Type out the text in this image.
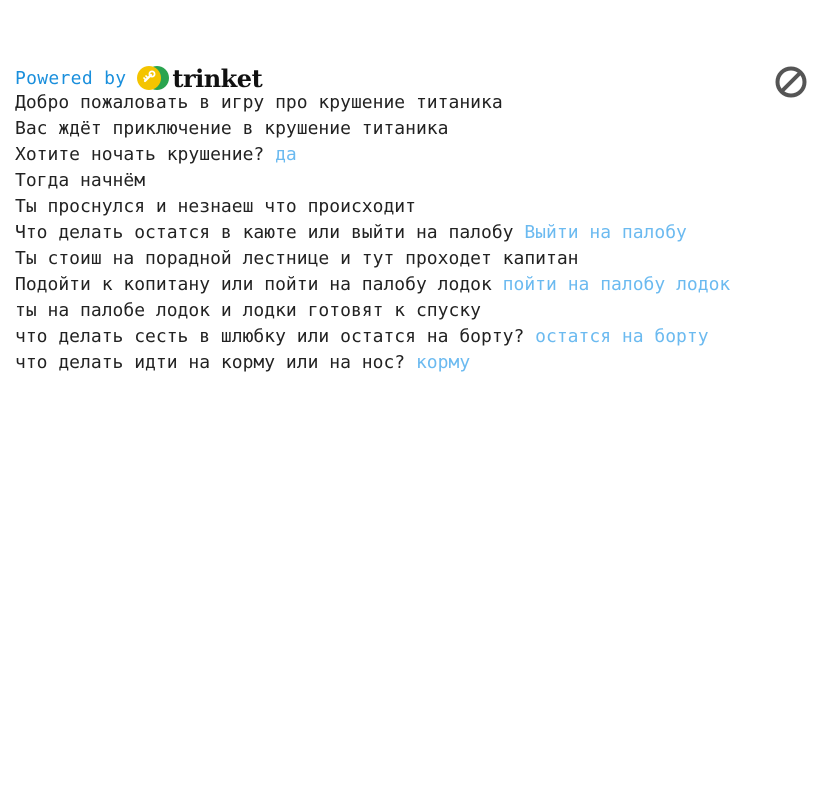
Powered by trinket
Добро пожаловать в игру про крушение титаника
Вас ждёт приключение в крушение титаника
Хотите ночать крушение? да
Тогда начнём
Ты проснулся и незнаеш что происходит
Что делать остатся в каюте или выйти на палобу Выйти на палобу
Ты стоиш на порадной лестнице и тут проходет капитан
Подойти к копитану или пойти на палобу лодок пойти на палобу лодок
ты на палобе лодок и лодки готовят к спуску
что делать сесть в шлюбку или остатся на борту? остатся на борту
что делать идти на корму или на нос? корму
